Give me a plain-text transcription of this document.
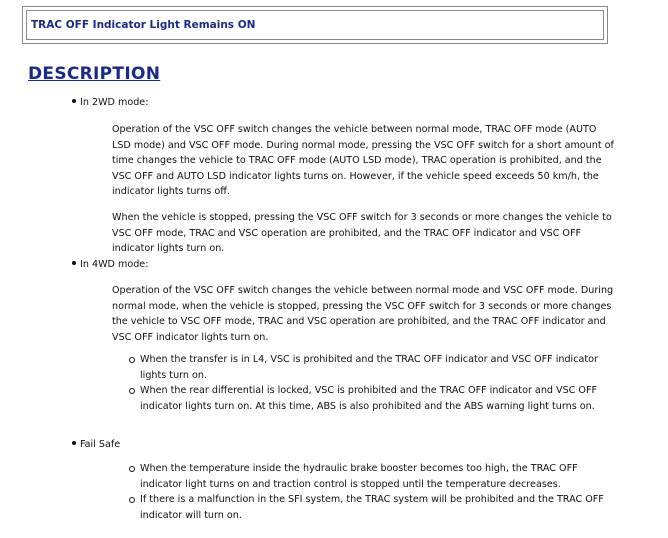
TRAC OFF Indicator Light Remains ON
DESCRIPTION
In 2WD mode:

Operation of the VSC OFF switch changes the vehicle between normal mode, TRAC OFF mode (AUTO LSD mode) and VSC OFF mode. During normal mode, pressing the VSC OFF switch for a short amount of time changes the vehicle to TRAC OFF mode (AUTO LSD mode), TRAC operation is prohibited, and the VSC OFF and AUTO LSD indicator lights turns on. However, if the vehicle speed exceeds 50 km/h, the indicator lights turns off.

When the vehicle is stopped, pressing the VSC OFF switch for 3 seconds or more changes the vehicle to VSC OFF mode, TRAC and VSC operation are prohibited, and the TRAC OFF indicator and VSC OFF indicator lights turn on.

In 4WD mode:

Operation of the VSC OFF switch changes the vehicle between normal mode and VSC OFF mode. During normal mode, when the vehicle is stopped, pressing the VSC OFF switch for 3 seconds or more changes the vehicle to VSC OFF mode, TRAC and VSC operation are prohibited, and the TRAC OFF indicator and VSC OFF indicator lights turn on.

When the transfer is in L4, VSC is prohibited and the TRAC OFF indicator and VSC OFF indicator lights turn on.
When the rear differential is locked, VSC is prohibited and the TRAC OFF indicator and VSC OFF indicator lights turn on. At this time, ABS is also prohibited and the ABS warning light turns on.
Fail Safe
When the temperature inside the hydraulic brake booster becomes too high, the TRAC OFF indicator light turns on and traction control is stopped until the temperature decreases.
If there is a malfunction in the SFI system, the TRAC system will be prohibited and the TRAC OFF indicator will turn on.
